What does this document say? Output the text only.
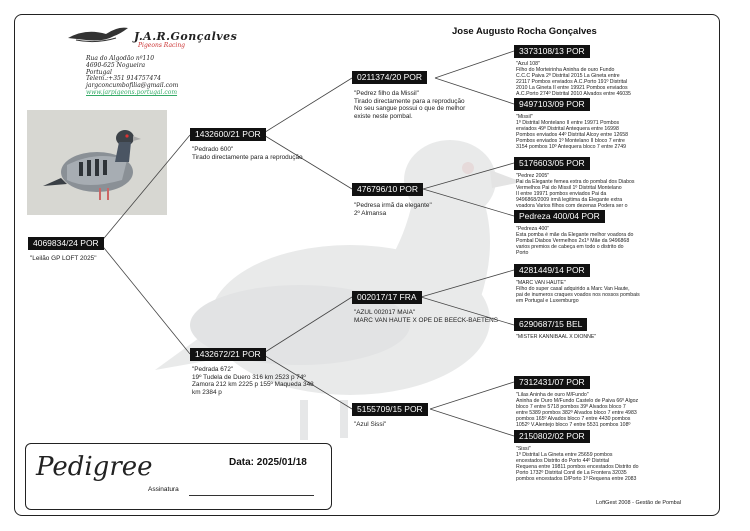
J.A.R.Gonçalves
Pigeons Racing
Rua do Algodão nº110
4690-625 Nogueira
Portugal
Telem.:+351 914757474
jargconcumbofilia@gmail.com
www.jarpigeons.portugal.com
Jose Augusto Rocha Gonçalves
4069834/24 POR
"Leilão GP LOFT 2025"
1432600/21 POR
"Pedrado 600"
Tirado directamente para a reprodução
1432672/21 POR
"Pedrada 672"
19º Tudela de Duero 316 km 2523 p 74º
Zamora 212 km 2225 p 155º Maqueda 348
km 2384 p
0211374/20 POR
"Pedrez filho da Missil"
Tirado directamente para a reprodução
No seu sangue possui o que de melhor
existe neste pombal.
476796/10 POR
"Pedresa irmã da elegante"
2º Almansa
002017/17 FRA
"AZUL 002017 MAIA"
MARC VAN HAUTE X OPE DE BEECK-BAETENS
5155709/15 POR
"Azul Sissi"
3373108/13 POR
"Azul 108"
Filho do Morteirinha Aninha de ouro Fundo
C.C.C Paiva 2º Distrital 2015 La Gineta entre
22117 Pombos enviados A.C.Porto 191º Distrital
2010 La Gineta II entre 19921 Pombos enviados
A.C.Porto 274º Distrital 2010 Alvados entre 46035
9497103/09 POR
"Missil"
1º Distrital Montelano II entre 19971 Pombos
enviados 49º Distrital Antequera entre 16998
Pombos enviados 44º Distrital Alcoy entre 12658
Pombos enviados 1º Montelano II bloco 7 entre
3154 pombos 10º Antequera bloco 7 entre 2749
5176603/05 POR
"Pedrez 2005"
Pai da Elegante femea extra do pombal dos Diabos
Vermelhos Pai do Missil 1º Distrital Montelano
II entre 19971 pombos enviados Pai da
9496868/2009 irmã legitima da Elegante extra
voadora Varios filhos com dezenas Podera ser o
Pedreza 400/04 POR
"Pedreza 400"
Esta pomba é mãe da Elegante melhor voadora do
Pombal Diabos Vermelhos 2x1º Mãe da 9496868
varios premios de cabeça em todo o distrito do
Porto
4281449/14 POR
"MARC VAN HAUTE"
Filho do super casal adquirido a Marc Van Haute,
pai de inumeros craques voados nos nossos pombais
em Portugal e Luxemburgo
6290687/15 BEL
"MISTER KANNIBAAL X DIONNE"
7312431/07 POR
"Lilas Aninha de ouro M/Fundo"
Aninha de Ouro M/Fundo Castelo de Paiva 66º Algoz
bloco 7 entre 5718 pombos 39º Alvados bloco 7
entre 5389 pombos 382º Alvados bloco 7 entre 4983
pombos 165º Alvados bloco 7 entre 4430 pombos
1052º V.Alentejo bloco 7 entre 5531 pombos 108º
2150802/02 POR
"Sissi"
1º Distrital La Gineta entre 25659 pombos
encestados Distrito do Porto 44º Distrital
Requena entre 19811 pombos encestados Distrito do
Porto 1732º Distrital Conil de La Frontera 32035
pombos encestados D/Porto 1º Requena entre 2083
Pedigree	Data: 2025/01/18
Assinatura
LoftGest 2008 - Gestão de Pombal
